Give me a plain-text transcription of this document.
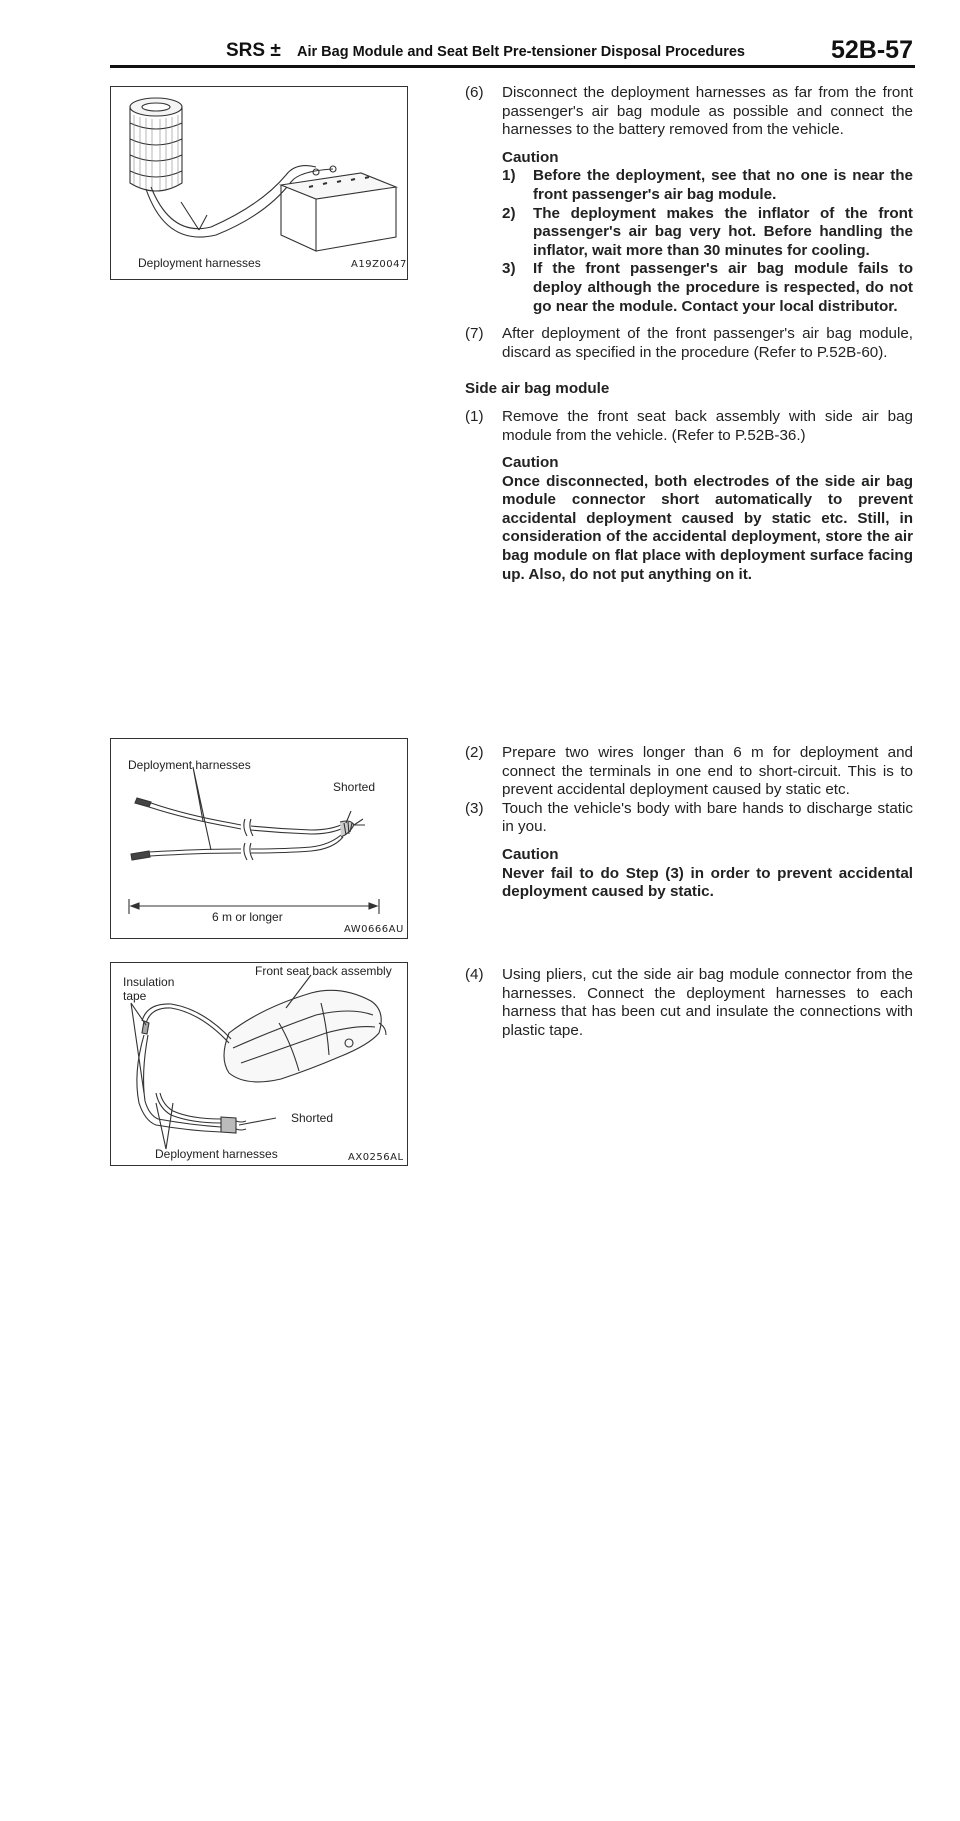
SRS ± Air Bag Module and Seat Belt Pre-tensioner Disposal Procedures	52B-57
Deployment harnesses	A19Z0047
Deployment harnesses
Shorted
6 m or longer
AW0666AU
Insulation
tape
Front seat back assembly
Shorted
Deployment harnesses	AX0256AL

(6) Disconnect the deployment harnesses as far from the front passenger's air bag module as possible and connect the harnesses to the battery removed from the vehicle.

Caution
1) Before the deployment, see that no one is near the front passenger's air bag module.
2) The deployment makes the inflator of the front passenger's air bag very hot. Before handling the inflator, wait more than 30 minutes for cooling.
3) If the front passenger's air bag module fails to deploy although the procedure is respected, do not go near the module. Contact your local distributor.

(7) After deployment of the front passenger's air bag module, discard as specified in the procedure (Refer to P.52B-60).

Side air bag module

(1) Remove the front seat back assembly with side air bag module from the vehicle. (Refer to P.52B-36.)

Caution
Once disconnected, both electrodes of the side air bag module connector short automatically to prevent accidental deployment caused by static etc. Still, in consideration of the accidental deployment, store the air bag module on flat place with deployment surface facing up. Also, do not put anything on it.

(2) Prepare two wires longer than 6 m for deployment and connect the terminals in one end to short-circuit. This is to prevent accidental deployment caused by static etc.

(3) Touch the vehicle's body with bare hands to discharge static in you.

Caution
Never fail to do Step (3) in order to prevent accidental deployment caused by static.

(4) Using pliers, cut the side air bag module connector from the harnesses. Connect the deployment harnesses to each harness that has been cut and insulate the connections with plastic tape.
